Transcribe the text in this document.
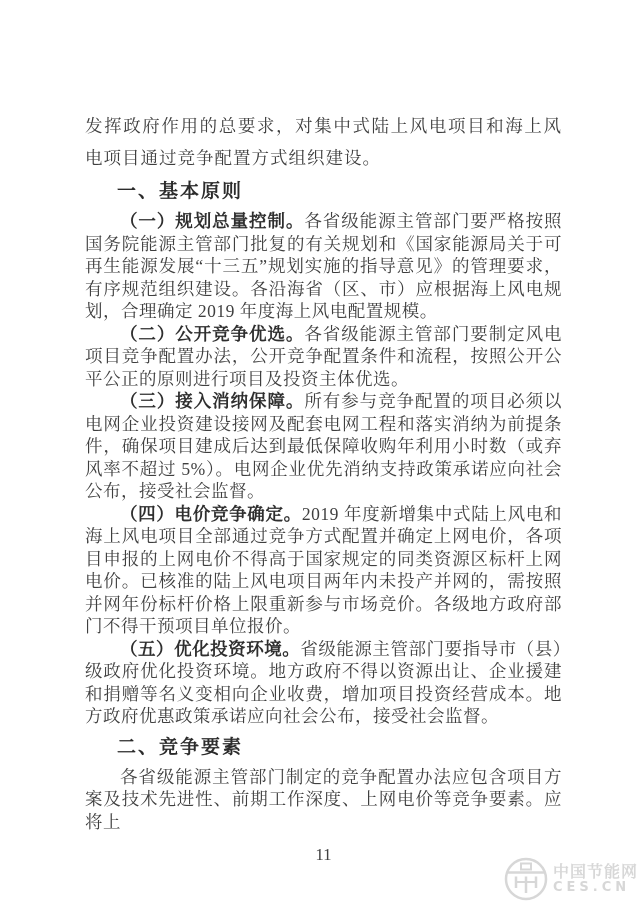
发挥政府作用的总要求，对集中式陆上风电项目和海上风电项目通过竞争配置方式组织建设。

一、基本原则

（一）规划总量控制。各省级能源主管部门要严格按照国务院能源主管部门批复的有关规划和《国家能源局关于可再生能源发展“十三五”规划实施的指导意见》的管理要求，有序规范组织建设。各沿海省（区、市）应根据海上风电规划，合理确定 2019 年度海上风电配置规模。

（二）公开竞争优选。各省级能源主管部门要制定风电项目竞争配置办法，公开竞争配置条件和流程，按照公开公平公正的原则进行项目及投资主体优选。

（三）接入消纳保障。所有参与竞争配置的项目必须以电网企业投资建设接网及配套电网工程和落实消纳为前提条件，确保项目建成后达到最低保障收购年利用小时数（或弃风率不超过 5%）。电网企业优先消纳支持政策承诺应向社会公布，接受社会监督。

（四）电价竞争确定。2019 年度新增集中式陆上风电和海上风电项目全部通过竞争方式配置并确定上网电价，各项目申报的上网电价不得高于国家规定的同类资源区标杆上网电价。已核准的陆上风电项目两年内未投产并网的，需按照并网年份标杆价格上限重新参与市场竞价。各级地方政府部门不得干预项目单位报价。

（五）优化投资环境。省级能源主管部门要指导市（县）级政府优化投资环境。地方政府不得以资源出让、企业援建和捐赠等名义变相向企业收费，增加项目投资经营成本。地方政府优惠政策承诺应向社会公布，接受社会监督。

二、竞争要素

各省级能源主管部门制定的竞争配置办法应包含项目方案及技术先进性、前期工作深度、上网电价等竞争要素。应将上

11

中国节能网
CES.CN
